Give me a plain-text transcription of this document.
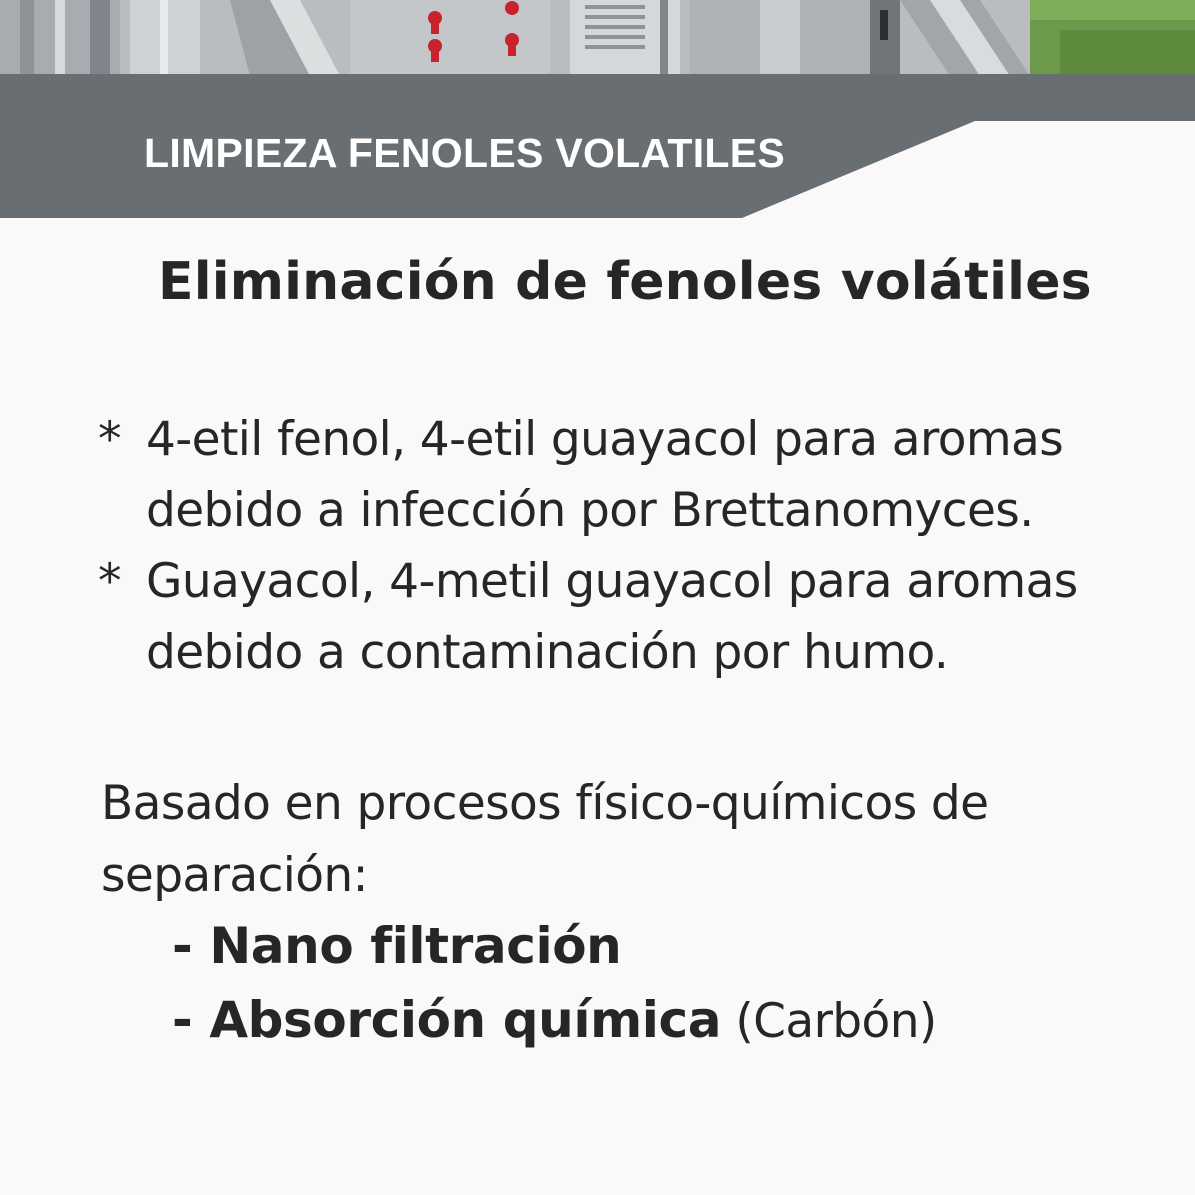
LIMPIEZA FENOLES VOLATILES
Eliminación de fenoles volátiles
* 4-etil fenol, 4-etil guayacol para aromas
debido a infección por Brettanomyces.
* Guayacol, 4-metil guayacol para aromas
debido a contaminación por humo.
Basado en procesos físico-químicos de
separación:
- Nano filtración
- Absorción química (Carbón)
